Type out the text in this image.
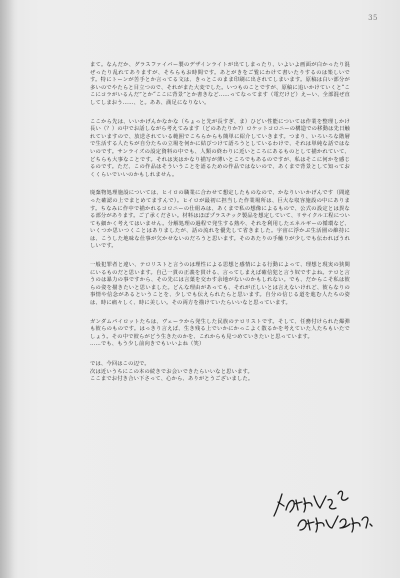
35

まて。なんだか、グラスファイバー製のデザインライトが出てしまったり、いよいよ画面が白かったり混ぜったり乱れてありますが、そちらもお時間です。あとがきをご覧にわけて書いたりするのは楽しいです。特にトーンが苦手とか言ってる文は、きっとこのまま印刷に出されてしまいます。原稿は白い部分が多いのでやたらと目立つので、それがまた大変でした。いつものことですが、原稿に追いかけていくと“ここにコラがいるんだ”とか“ここに背景”とか書きなど……ってなってます（電だけど）えーい、全部混ぜ直してしまおう……、と。ああ、満足になりない。

ここから先は、いいかげんかなかな（ちょっと先が長すぎ、ま）ひどい性能については作業を整理しかけ長い（？）の中でお話しながら考えてみます（どのあたりか?）ロケットコロニーの構造での移動は先日触れていますので、放送されている範囲でこちらからも簡単に紹介していきます。つまり、いろいろな階層で生活する人たちが自分たちの立場を何かに結びつけて語ろうとしているわけで、それは単純な話ではないのです。サンライズの設定資料の中でも、人類の終わりに近いところにあるものとして描かれていて、どちらも大事なことです。それは実はかなり描写が薄いところでもあるのですが、私はそこに何かを感じるのです。ただ、この作品はそういうことを語るための作品ではないので、あくまで背景として知っておくくらいでいいのかもしれません。

廃棄物処理施設については、ヒイロの職業に合わせて想定したものなので、かなりいいかげんです（間違った確認の上でまとめてますんで）。ヒイロが最初に担当した作業場所は、巨大な収容施設の中にあります。ちなみに作中で描かれるコロニーの仕組みは、あくまで私の想像によるもので、公式の設定とは異なる部分があります。ご了承ください。材料はほぼプラスチック製品を想定していて、リサイクル工程についても細かく考えてはいません。分解処理の過程で発生する熱や、それを利用したエネルギーの循環など、いくつか思いつくことはありましたが、話の流れを優先して省きました。宇宙に浮かぶ生活圏の維持には、こうした地味な仕事が欠かせないのだろうと思います。そのあたりの手触りが少しでも伝わればうれしいです。

一般犯罪者と違い、テロリストと言うのは理性による思想と感情による行動によって、理想と現実の狭間にいるものだと思います。自己一貫の正義を貫ける、言ってしまえば確信犯と言う奴ですよね。テロと言うのは暴力の事ですから、その先には言葉を交わす余地がないのかもしれない。でも、だからこそ私は彼らの姿を描きたいと思いました。どんな理由があっても、それが正しいとは言えないけれど、彼らなりの事情や信念があるということを、少しでも伝えられたらと思います。自分の信じる道を進む人たちの姿は、時に痛々しく、時に美しい。その両方を描けていたらいいなと思っています。

ガンダムパイロットたちは、ヴェーラから発生した民族のテロリストです。そして、任務付けられた爆弾も彼らのものです。はっきり言えば、生き残る上でいかにかっこよく散るかを考えていた人たちもいたでしょう。その中で彼らがどう生きたのかを、これからも見つめていきたいと思っています。
……でも、もう少し前向きでもいいよね（笑）

では、今回はこの辺で。
次は近いうちにこの本の続きでお会いできたらいいなと思います。
ここまでお付き合い下さって、心から、ありがとうございました。
